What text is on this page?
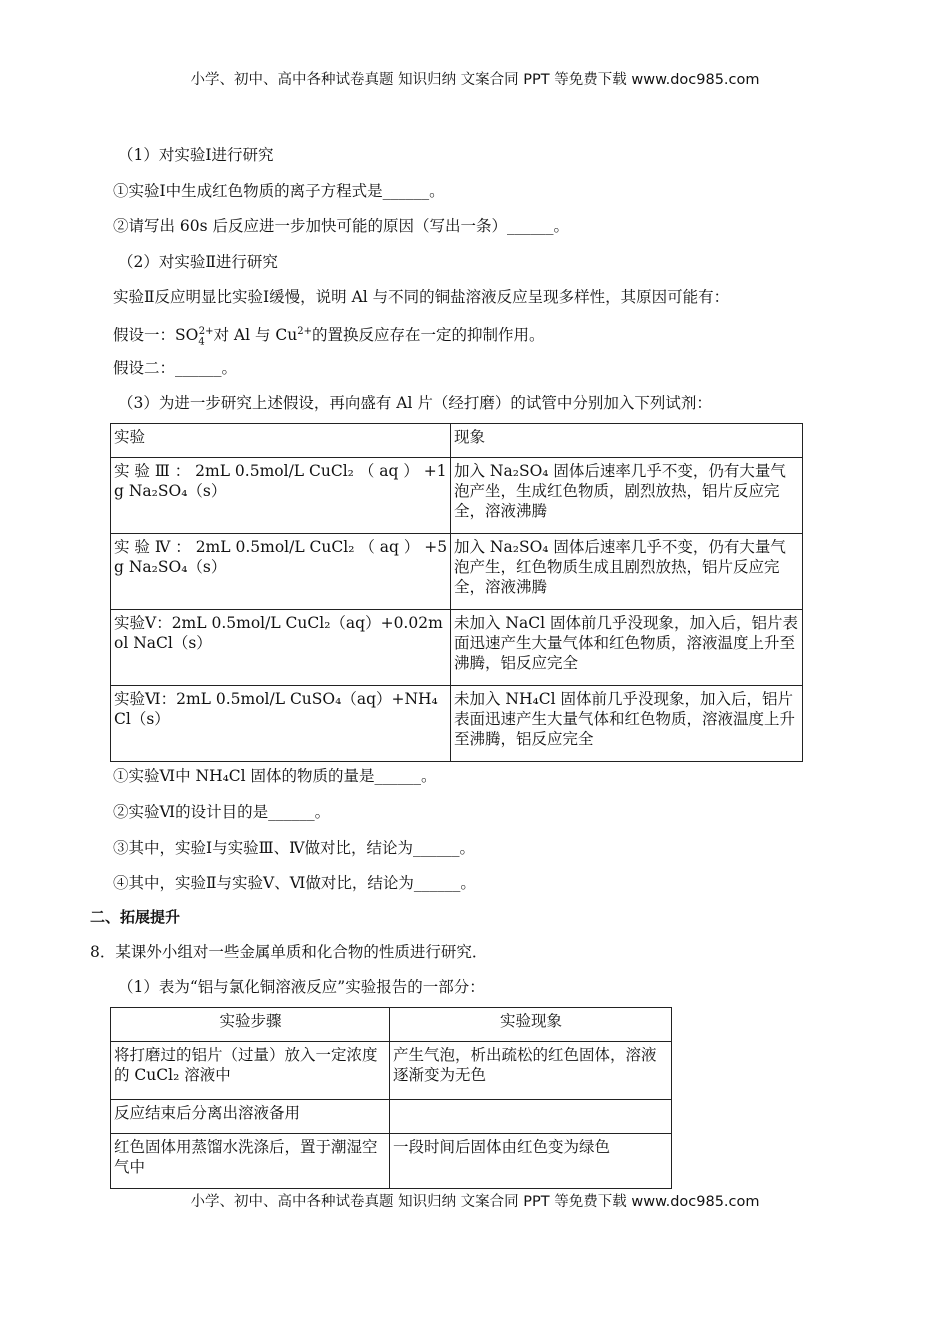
小学、初中、高中各种试卷真题 知识归纳 文案合同 PPT 等免费下载 www.doc985.com
（1）对实验Ⅰ进行研究
①实验Ⅰ中生成红色物质的离子方程式是______。
②请写出 60s 后反应进一步加快可能的原因（写出一条）______。
（2）对实验Ⅱ进行研究
实验Ⅱ反应明显比实验Ⅰ缓慢，说明 Al 与不同的铜盐溶液反应呈现多样性，其原因可能有：
假设一：$SO_4^{2+}$对 Al 与 $Cu^{2+}$的置换反应存在一定的抑制作用。
假设二：______。
（3）为进一步研究上述假设，再向盛有 Al 片（经打磨）的试管中分别加入下列试剂：
实验	现象
实 验 Ⅲ ： 2mL 0.5mol/L CuCl₂ （ aq ） +1g Na₂SO₄（s）	加入 Na₂SO₄ 固体后速率几乎不变，仍有大量气泡产坐，生成红色物质，剧烈放热，铝片反应完全，溶液沸腾
实 验 Ⅳ ： 2mL 0.5mol/L CuCl₂ （ aq ） +5g Na₂SO₄（s）	加入 Na₂SO₄ 固体后速率几乎不变，仍有大量气泡产生，红色物质生成且剧烈放热，铝片反应完全，溶液沸腾
实验Ⅴ：2mL 0.5mol/L CuCl₂（aq）+0.02mol NaCl（s）	未加入 NaCl 固体前几乎没现象，加入后，铝片表面迅速产生大量气体和红色物质，溶液温度上升至沸腾，铝反应完全
实验Ⅵ：2mL 0.5mol/L CuSO₄（aq）+NH₄Cl（s）	未加入 NH₄Cl 固体前几乎没现象，加入后，铝片表面迅速产生大量气体和红色物质，溶液温度上升至沸腾，铝反应完全
①实验Ⅵ中 NH₄Cl 固体的物质的量是______。
②实验Ⅵ的设计目的是______。
③其中，实验Ⅰ与实验Ⅲ、Ⅳ做对比，结论为______。
④其中，实验Ⅱ与实验Ⅴ、Ⅵ做对比，结论为______。
二、拓展提升
8．某课外小组对一些金属单质和化合物的性质进行研究．
（1）表为“铝与氯化铜溶液反应”实验报告的一部分：
实验步骤	实验现象
将打磨过的铝片（过量）放入一定浓度的 CuCl₂ 溶液中	产生气泡，析出疏松的红色固体，溶液逐渐变为无色
反应结束后分离出溶液备用	
红色固体用蒸馏水洗涤后，置于潮湿空气中	一段时间后固体由红色变为绿色
小学、初中、高中各种试卷真题 知识归纳 文案合同 PPT 等免费下载 www.doc985.com
